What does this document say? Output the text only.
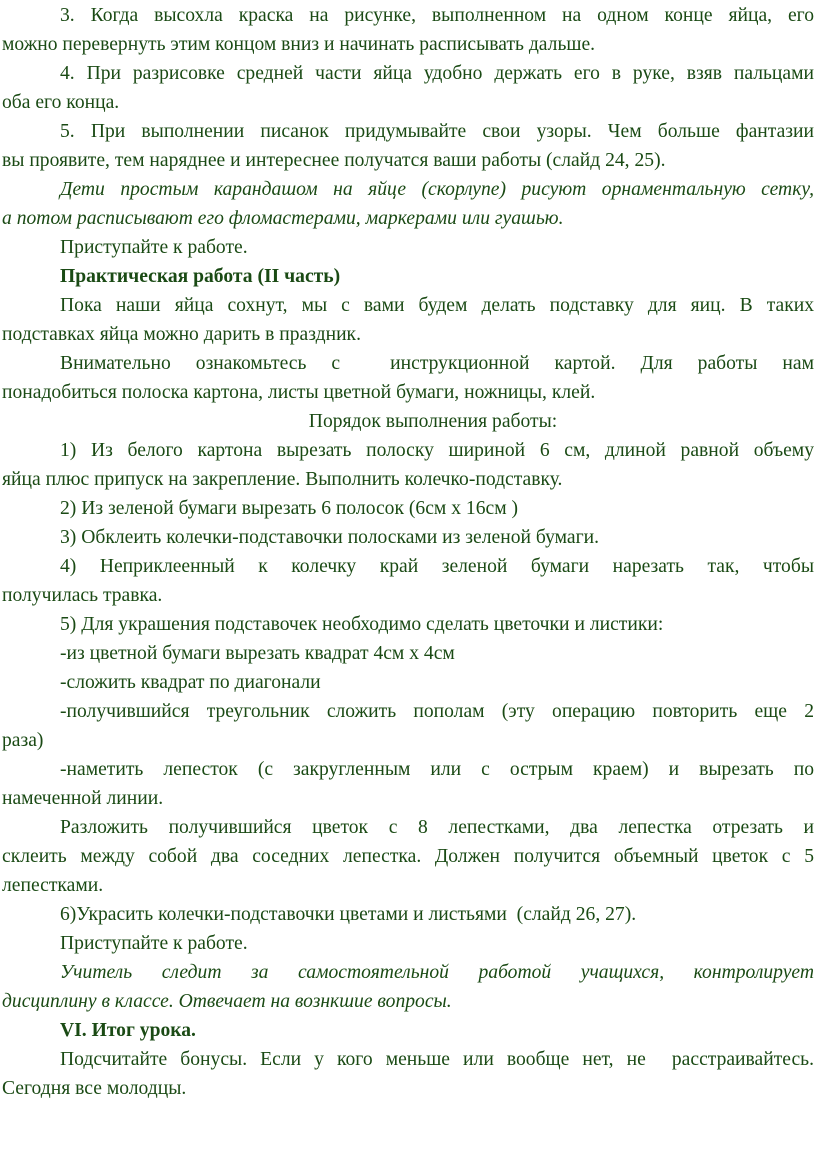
3. Когда высохла краска на рисунке, выполненном на одном конце яйца, его
можно перевернуть этим концом вниз и начинать расписывать дальше.
4. При разрисовке средней части яйца удобно держать его в руке, взяв пальцами
оба его конца.
5. При выполнении писанок придумывайте свои узоры. Чем больше фантазии
вы проявите, тем наряднее и интереснее получатся ваши работы (слайд 24, 25).
Дети простым карандашом на яйце (скорлупе) рисуют орнаментальную сетку,
а потом расписывают его фломастерами, маркерами или гуашью.
Приступайте к работе.
Практическая работа (II часть)
Пока наши яйца сохнут, мы с вами будем делать подставку для яиц. В таких
подставках яйца можно дарить в праздник.
Внимательно ознакомьтесь с  инструкционной картой. Для работы нам
понадобиться полоска картона, листы цветной бумаги, ножницы, клей.
Порядок выполнения работы:
1) Из белого картона вырезать полоску шириной 6 см, длиной равной объему
яйца плюс припуск на закрепление. Выполнить колечко-подставку.
2) Из зеленой бумаги вырезать 6 полосок (6см х 16см )
3) Обклеить колечки-подставочки полосками из зеленой бумаги.
4) Неприклеенный к колечку край зеленой бумаги нарезать так, чтобы
получилась травка.
5) Для украшения подставочек необходимо сделать цветочки и листики:
-из цветной бумаги вырезать квадрат 4см х 4см
-сложить квадрат по диагонали
-получившийся треугольник сложить пополам (эту операцию повторить еще 2
раза)
-наметить лепесток (с закругленным или с острым краем) и вырезать по
намеченной линии.
Разложить получившийся цветок с 8 лепестками, два лепестка отрезать и
склеить между собой два соседних лепестка. Должен получится объемный цветок с 5
лепестками.
6)Украсить колечки-подставочки цветами и листьями  (слайд 26, 27).
Приступайте к работе.
Учитель следит за самостоятельной работой учащихся, контролирует
дисциплину в классе. Отвечает на вознкшие вопросы.
VI. Итог урока.
Подсчитайте бонусы. Если у кого меньше или вообще нет, не  расстраивайтесь.
Сегодня все молодцы.
